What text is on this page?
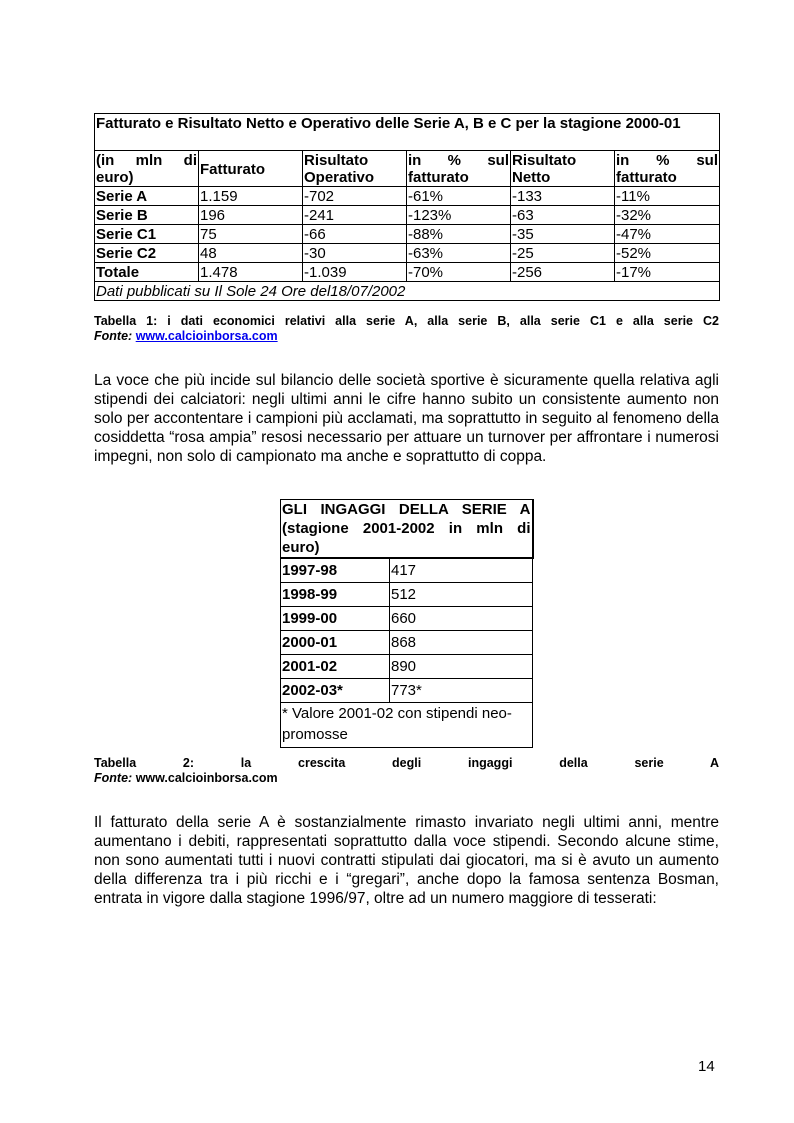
Fatturato e Risultato Netto e Operativo delle Serie A, B e C per la stagione 2000-01					
(in mln di euro)	Fatturato	Risultato Operativo	in % sul fatturato	Risultato Netto	in % sul fatturato
Serie A	1.159	-702	-61%	-133	-11%
Serie B	196	-241	-123%	-63	-32%
Serie C1	75	-66	-88%	-35	-47%
Serie C2	48	-30	-63%	-25	-52%
Totale	1.478	-1.039	-70%	-256	-17%
Dati pubblicati su Il Sole 24 Ore del18/07/2002					
Tabella 1: i dati economici relativi alla serie A, alla serie B, alla serie C1 e alla serie C2
Fonte: www.calcioinborsa.com
La voce che più incide sul bilancio delle società sportive è sicuramente quella relativa agli stipendi dei calciatori: negli ultimi anni le cifre hanno subito un consistente aumento non solo per accontentare i campioni più acclamati, ma soprattutto in seguito al fenomeno della cosiddetta “rosa ampia” resosi necessario per attuare un turnover per affrontare i numerosi impegni, non solo di campionato ma anche e soprattutto di coppa.
GLI INGAGGI DELLA SERIE A (stagione 2001-2002 in mln di euro)	
1997-98	417
1998-99	512
1999-00	660
2000-01	868
2001-02	890
2002-03*	773*
* Valore 2001-02 con stipendi neo-promosse	
Tabella 2: la crescita degli ingaggi della serie A
Fonte: www.calcioinborsa.com
Il fatturato della serie A è sostanzialmente rimasto invariato negli ultimi anni, mentre aumentano i debiti, rappresentati soprattutto dalla voce stipendi. Secondo alcune stime, non sono aumentati tutti i nuovi contratti stipulati dai giocatori, ma si è avuto un aumento della differenza tra i più ricchi e i “gregari”, anche dopo la famosa sentenza Bosman, entrata in vigore dalla stagione 1996/97, oltre ad un numero maggiore di tesserati:
14
